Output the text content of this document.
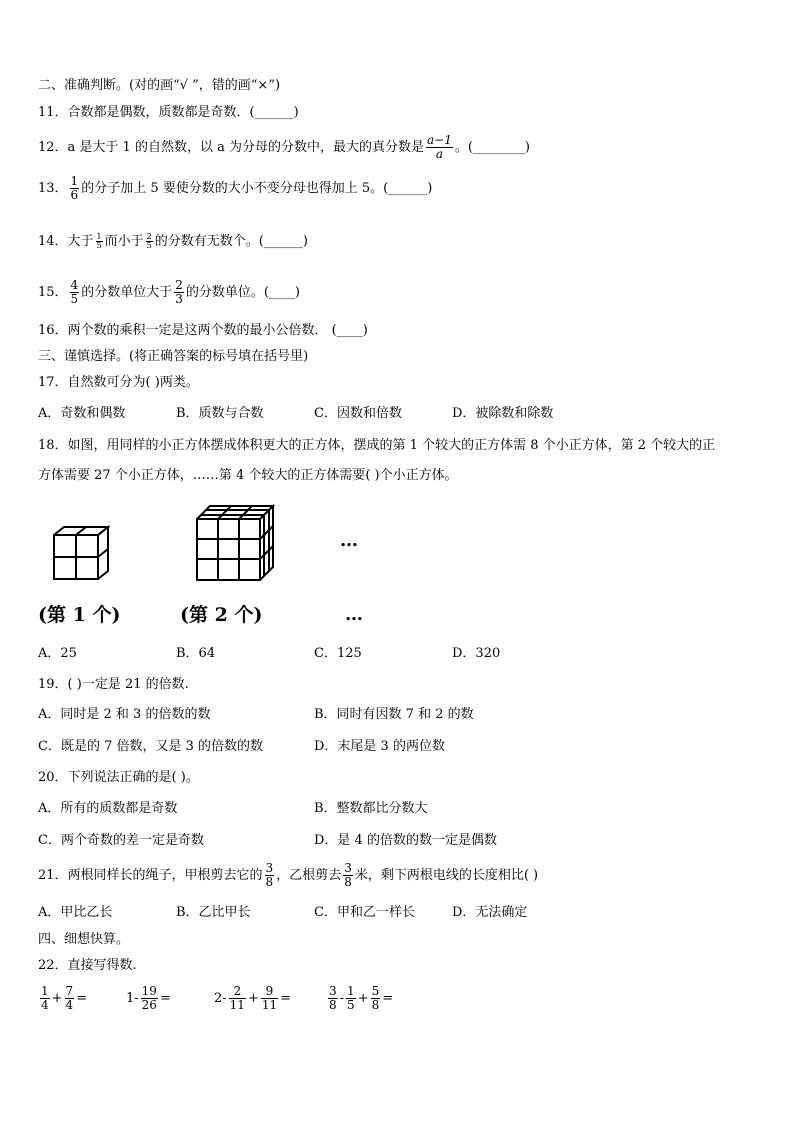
二、准确判断。(对的画“√ ”，错的画“×”)
11．合数都是偶数，质数都是奇数．(______)
12．a 是大于 1 的自然数，以 a 为分母的分数中，最大的真分数是 $\frac{a-1}{a}$ 。(________)
13． $\frac{1}{6}$ 的分子加上 5 要使分数的大小不变分母也得加上 5。(______)
14．大于 $\frac{1}{5}$ 而小于 $\frac{2}{5}$ 的分数有无数个。(______)
15． $\frac{4}{5}$ 的分数单位大于 $\frac{2}{3}$ 的分数单位。(____)
16．两个数的乘积一定是这两个数的最小公倍数． (____)
三、谨慎选择。(将正确答案的标号填在括号里)
17．自然数可分为( )两类。
A．奇数和偶数	B．质数与合数	C．因数和倍数	D．被除数和除数
18．如图，用同样的小正方体摆成体积更大的正方体，摆成的第 1 个较大的正方体需 8 个小正方体，第 2 个较大的正
方体需要 27 个小正方体，……第 4 个较大的正方体需要( )个小正方体。
…
(第 1 个)	(第 2 个)	…
A．25	B．64	C．125	D．320
19．( )一定是 21 的倍数.
A．同时是 2 和 3 的倍数的数	B．同时有因数 7 和 2 的数
C．既是的 7 倍数，又是 3 的倍数的数	D．末尾是 3 的两位数
20．下列说法正确的是( )。
A．所有的质数都是奇数	B．整数都比分数大
C．两个奇数的差一定是奇数	D．是 4 的倍数的数一定是偶数
21．两根同样长的绳子，甲根剪去它的 $\frac{3}{8}$ ，乙根剪去 $\frac{3}{8}$ 米，剩下两根电线的长度相比( )
A．甲比乙长	B．乙比甲长	C．甲和乙一样长	D．无法确定
四、细想快算。
22．直接写得数.
$\frac{1}{4} + \frac{7}{4}$ =	$1- \frac{19}{26}$ =	$2- \frac{2}{11} + \frac{9}{11}$ =	$\frac{3}{8} - \frac{1}{5} + \frac{5}{8}$ =
